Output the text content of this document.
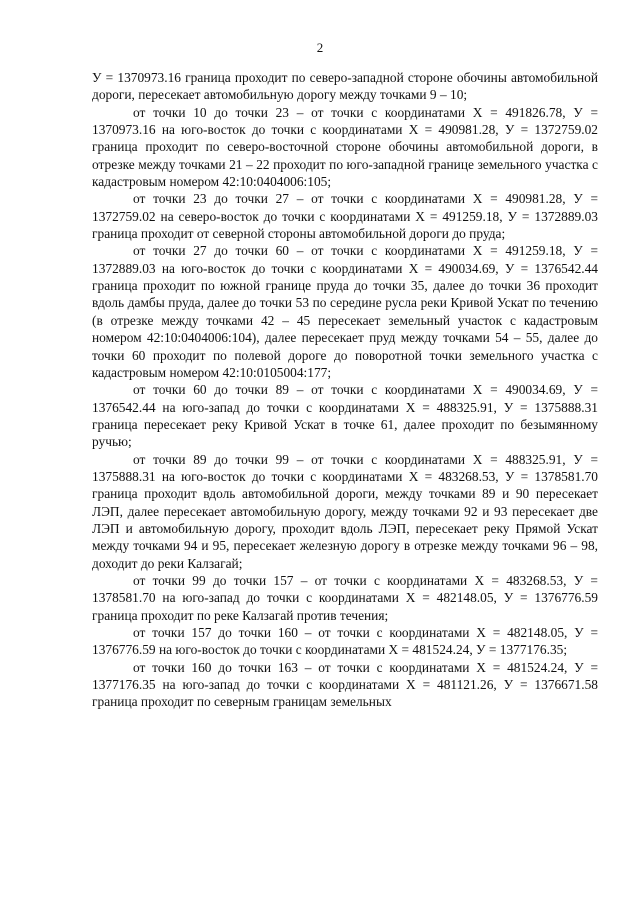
2

У = 1370973.16 граница проходит по северо-западной стороне обочины автомобильной дороги, пересекает автомобильную дорогу между точками 9 – 10;

от точки 10 до точки 23 – от точки с координатами Х = 491826.78, У = 1370973.16 на юго-восток до точки с координатами Х = 490981.28, У = 1372759.02 граница проходит по северо-восточной стороне обочины автомобильной дороги, в отрезке между точками 21 – 22 проходит по юго-западной границе земельного участка с кадастровым номером 42:10:0404006:105;

от точки 23 до точки 27 – от точки с координатами Х = 490981.28, У = 1372759.02 на северо-восток до точки с координатами Х = 491259.18, У = 1372889.03 граница проходит от северной стороны автомобильной дороги до пруда;

от точки 27 до точки 60 – от точки с координатами Х = 491259.18, У = 1372889.03 на юго-восток до точки с координатами Х = 490034.69, У = 1376542.44 граница проходит по южной границе пруда до точки 35, далее до точки 36 проходит вдоль дамбы пруда, далее до точки 53 по середине русла реки Кривой Ускат по течению (в отрезке между точками 42 – 45 пересекает земельный участок с кадастровым номером 42:10:0404006:104), далее пересекает пруд между точками 54 – 55, далее до точки 60 проходит по полевой дороге до поворотной точки земельного участка с кадастровым номером 42:10:0105004:177;

от точки 60 до точки 89 – от точки с координатами Х = 490034.69, У = 1376542.44 на юго-запад до точки с координатами Х = 488325.91, У = 1375888.31 граница пересекает реку Кривой Ускат в точке 61, далее проходит по безымянному ручью;

от точки 89 до точки 99 – от точки с координатами Х = 488325.91, У = 1375888.31 на юго-восток до точки с координатами Х = 483268.53, У = 1378581.70 граница проходит вдоль автомобильной дороги, между точками 89 и 90 пересекает ЛЭП, далее пересекает автомобильную дорогу, между точками 92 и 93 пересекает две ЛЭП и автомобильную дорогу, проходит вдоль ЛЭП, пересекает реку Прямой Ускат между точками 94 и 95, пересекает железную дорогу в отрезке между точками 96 – 98, доходит до реки Калзагай;

от точки 99 до точки 157 – от точки с координатами Х = 483268.53, У = 1378581.70 на юго-запад до точки с координатами Х = 482148.05, У = 1376776.59 граница проходит по реке Калзагай против течения;

от точки 157 до точки 160 – от точки с координатами Х = 482148.05, У = 1376776.59 на юго-восток до точки с координатами Х = 481524.24, У = 1377176.35;

от точки 160 до точки 163 – от точки с координатами Х = 481524.24, У = 1377176.35 на юго-запад до точки с координатами Х = 481121.26, У = 1376671.58 граница проходит по северным границам земельных
